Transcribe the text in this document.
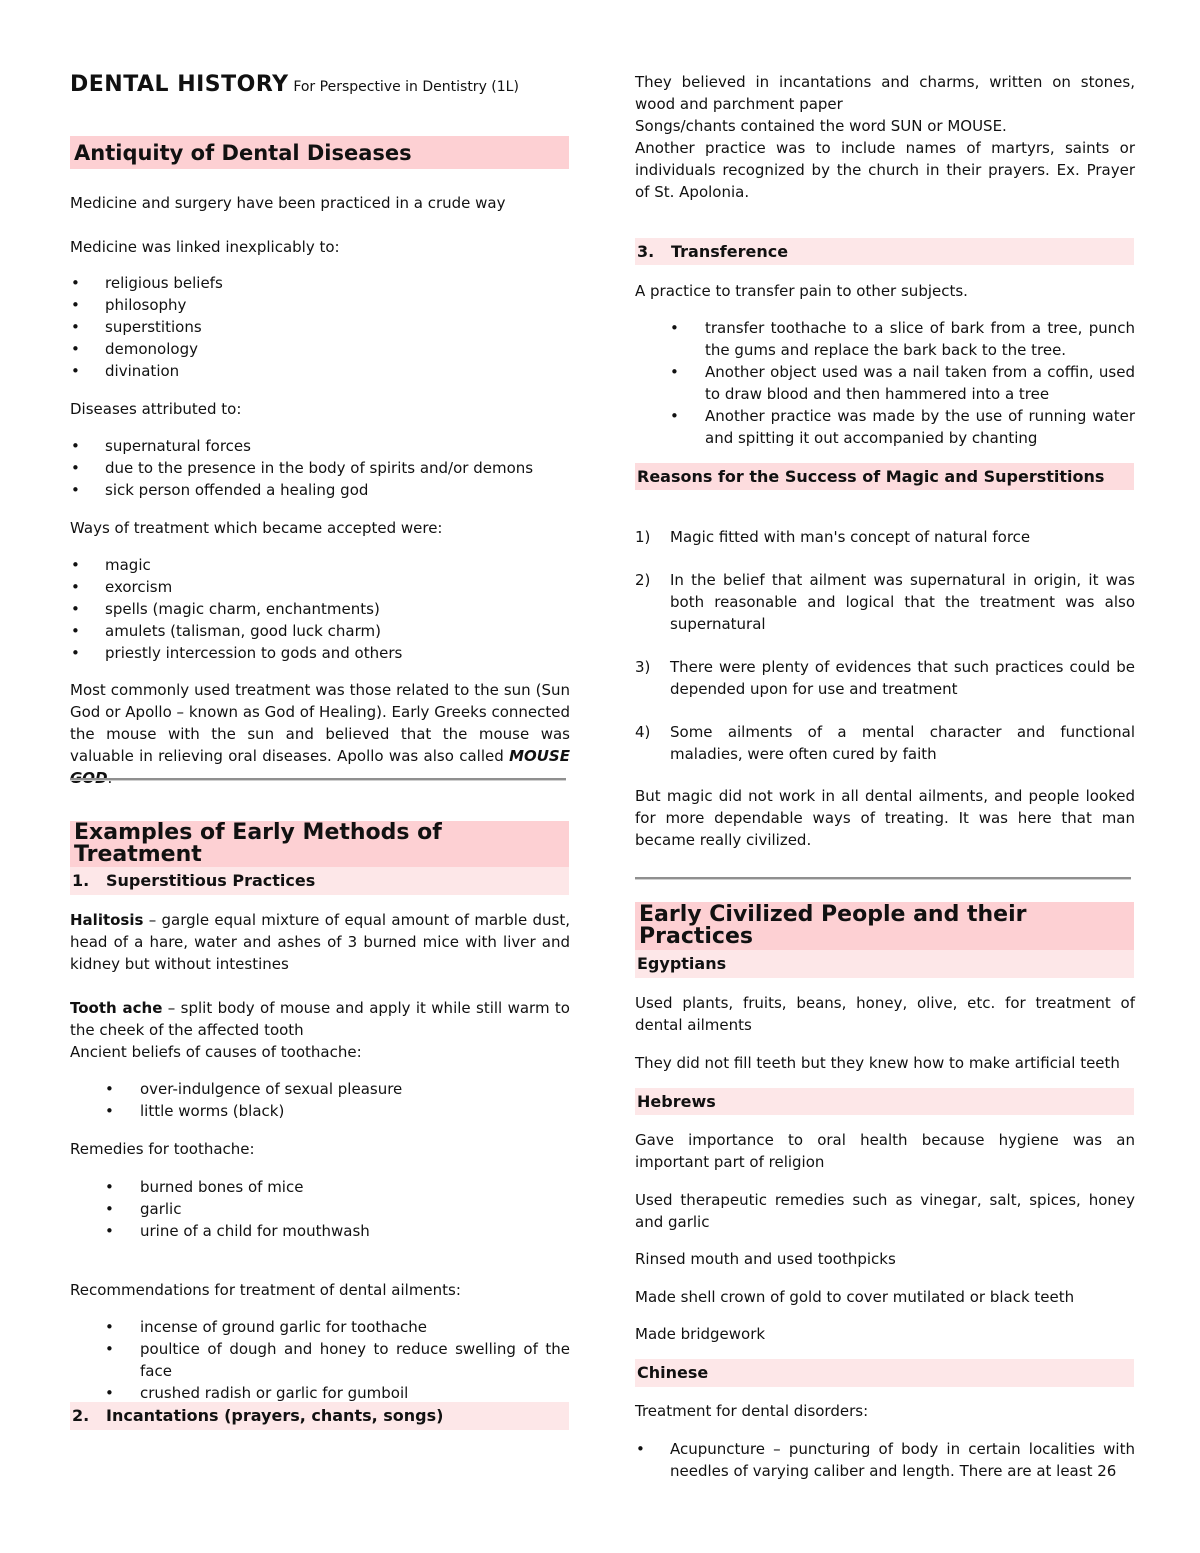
DENTAL HISTORY For Perspective in Dentistry (1L)
Antiquity of Dental Diseases

Medicine and surgery have been practiced in a crude way

Medicine was linked inexplicably to:

• religious beliefs
• philosophy
• superstitions
• demonology
• divination

Diseases attributed to:

• supernatural forces
• due to the presence in the body of spirits and/or demons
• sick person offended a healing god

Ways of treatment which became accepted were:

• magic
• exorcism
• spells (magic charm, enchantments)
• amulets (talisman, good luck charm)
• priestly intercession to gods and others

Most commonly used treatment was those related to the sun (Sun God or Apollo – known as God of Healing). Early Greeks connected the mouse with the sun and believed that the mouse was valuable in relieving oral diseases. Apollo was also called MOUSE GOD.

Examples of Early Methods of Treatment
1.	Superstitious Practices

Halitosis – gargle equal mixture of equal amount of marble dust, head of a hare, water and ashes of 3 burned mice with liver and kidney but without intestines

Tooth ache – split body of mouse and apply it while still warm to the cheek of the affected tooth

Ancient beliefs of causes of toothache:

• over-indulgence of sexual pleasure
• little worms (black)

Remedies for toothache:

• burned bones of mice
• garlic
• urine of a child for mouthwash

Recommendations for treatment of dental ailments:

• incense of ground garlic for toothache
• poultice of dough and honey to reduce swelling of the face
• crushed radish or garlic for gumboil
2.	Incantations (prayers, chants, songs)

They believed in incantations and charms, written on stones, wood and parchment paper

Songs/chants contained the word SUN or MOUSE.

Another practice was to include names of martyrs, saints or individuals recognized by the church in their prayers. Ex. Prayer of St. Apolonia.

3.	Transference

A practice to transfer pain to other subjects.

• transfer toothache to a slice of bark from a tree, punch the gums and replace the bark back to the tree.
• Another object used was a nail taken from a coffin, used to draw blood and then hammered into a tree
• Another practice was made by the use of running water and spitting it out accompanied by chanting
Reasons for the Success of Magic and Superstitions
1) Magic fitted with man's concept of natural force
2) In the belief that ailment was supernatural in origin, it was both reasonable and logical that the treatment was also supernatural
3) There were plenty of evidences that such practices could be depended upon for use and treatment
4) Some ailments of a mental character and functional maladies, were often cured by faith

But magic did not work in all dental ailments, and people looked for more dependable ways of treating. It was here that man became really civilized.

Early Civilized People and their Practices
Egyptians

Used plants, fruits, beans, honey, olive, etc. for treatment of dental ailments

They did not fill teeth but they knew how to make artificial teeth

Hebrews

Gave importance to oral health because hygiene was an important part of religion

Used therapeutic remedies such as vinegar, salt, spices, honey and garlic

Rinsed mouth and used toothpicks

Made shell crown of gold to cover mutilated or black teeth

Made bridgework

Chinese

Treatment for dental disorders:

• Acupuncture – puncturing of body in certain localities with needles of varying caliber and length. There are at least 26
